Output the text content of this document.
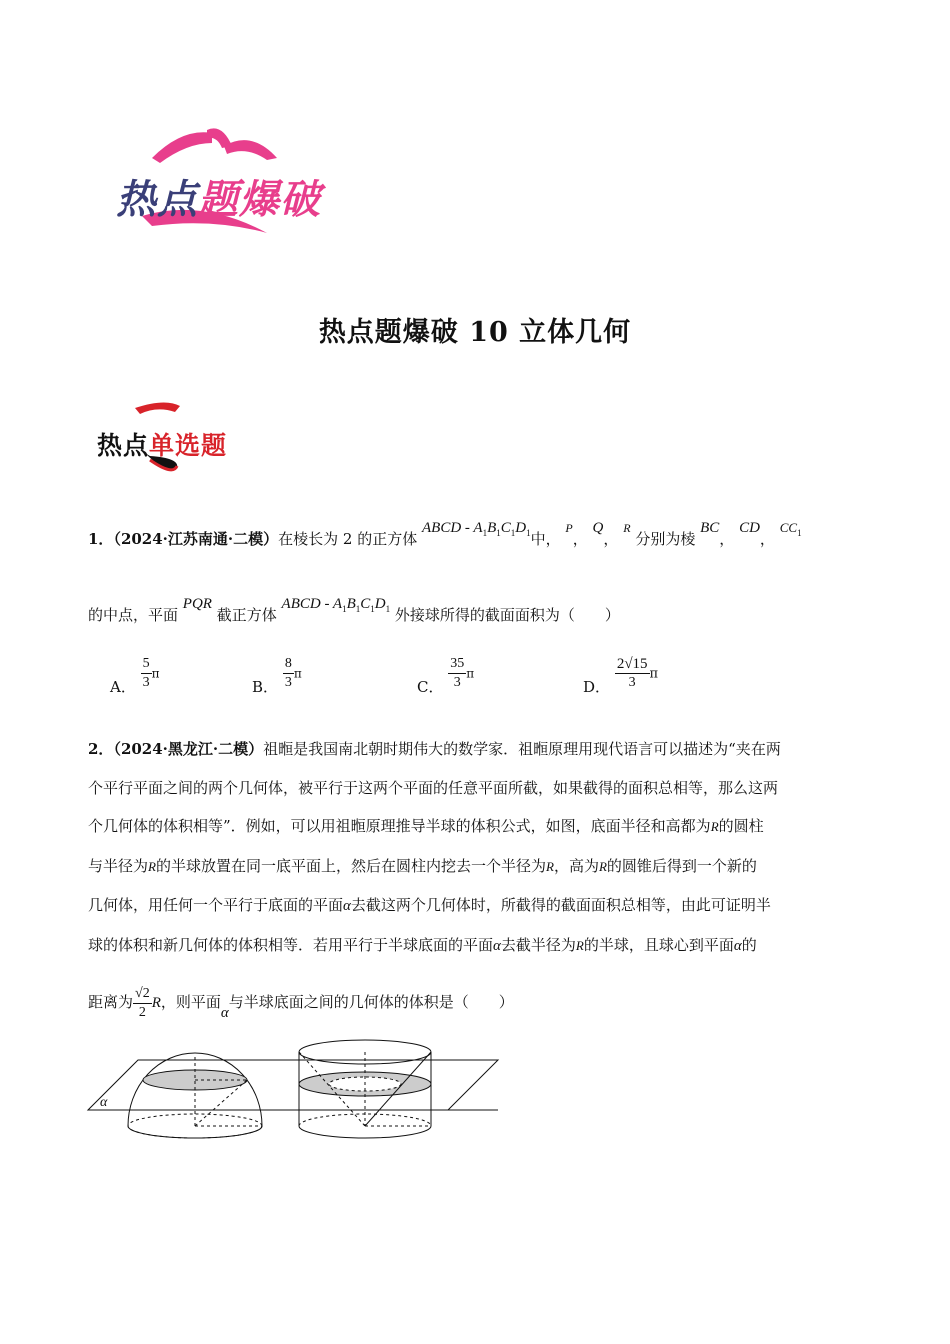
热点题爆破
热点题爆破 10 立体几何
热点单选题
1．（2024·江苏南通·二模）在棱长为 2 的正方体 ABCD - $A_1B_1C_1D_1$中， $^P$， Q， $^R$ 分别为棱 BC， CD， $CC_1$
的中点，平面 PQR 截正方体 ABCD - $A_1B_1C_1D_1$ 外接球所得的截面面积为（　　）
A． $\frac{5}{3}$ π
B． $\frac{8}{3}$ π
C． $\frac{35}{3}$ π
D． $\frac{2√15}{3}$ π
2．（2024·黑龙江·二模）祖暅是我国南北朝时期伟大的数学家．祖暅原理用现代语言可以描述为“夹在两
个平行平面之间的两个几何体，被平行于这两个平面的任意平面所截，如果截得的面积总相等，那么这两
个几何体的体积相等”．例如，可以用祖暅原理推导半球的体积公式，如图，底面半径和高都为R的圆柱
与半径为R的半球放置在同一底平面上，然后在圆柱内挖去一个半径为R，高为R的圆锥后得到一个新的
几何体，用任何一个平行于底面的平面α去截这两个几何体时，所截得的截面面积总相等，由此可证明半
球的体积和新几何体的体积相等．若用平行于半球底面的平面α去截半径为R的半球，且球心到平面α的
距离为 $\frac{√2}{2}$ R，则平面α与半球底面之间的几何体的体积是（　　）
α
